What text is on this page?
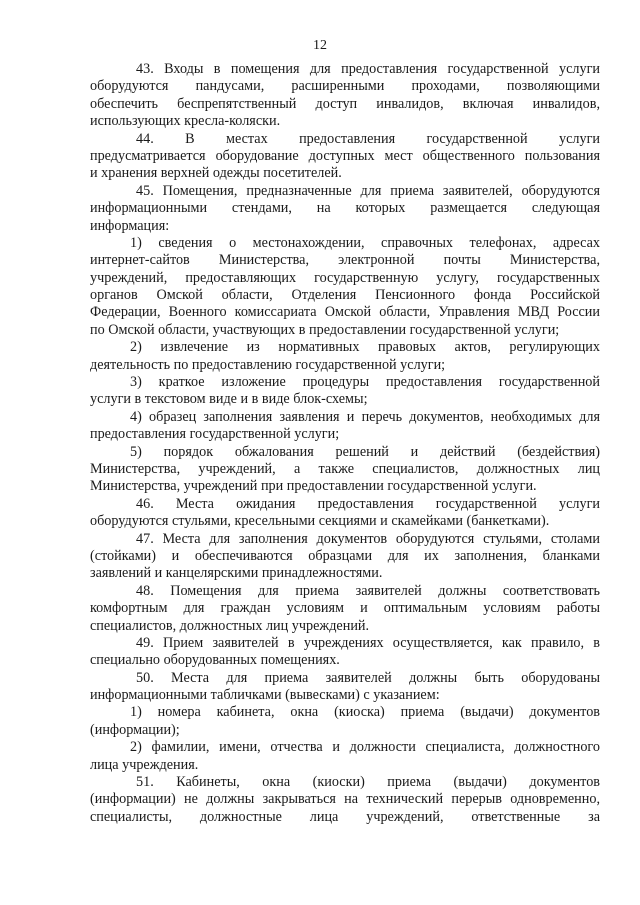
12
43. Входы в помещения для предоставления государственной услуги
оборудуются пандусами, расширенными проходами, позволяющими
обеспечить беспрепятственный доступ инвалидов, включая инвалидов,
использующих кресла-коляски.
44. В местах предоставления государственной услуги
предусматривается оборудование доступных мест общественного пользования
и хранения верхней одежды посетителей.
45. Помещения, предназначенные для приема заявителей, оборудуются
информационными стендами, на которых размещается следующая
информация:
1) сведения о местонахождении, справочных телефонах, адресах
интернет-сайтов Министерства, электронной почты Министерства,
учреждений, предоставляющих государственную услугу, государственных
органов Омской области, Отделения Пенсионного фонда Российской
Федерации, Военного комиссариата Омской области, Управления МВД России
по Омской области, участвующих в предоставлении государственной услуги;
2) извлечение из нормативных правовых актов, регулирующих
деятельность по предоставлению государственной услуги;
3) краткое изложение процедуры предоставления государственной
услуги в текстовом виде и в виде блок-схемы;
4) образец заполнения заявления и перечь документов, необходимых для
предоставления государственной услуги;
5) порядок обжалования решений и действий (бездействия)
Министерства, учреждений, а также специалистов, должностных лиц
Министерства, учреждений при предоставлении государственной услуги.
46. Места ожидания предоставления государственной услуги
оборудуются стульями, кресельными секциями и скамейками (банкетками).
47. Места для заполнения документов оборудуются стульями, столами
(стойками) и обеспечиваются образцами для их заполнения, бланками
заявлений и канцелярскими принадлежностями.
48. Помещения для приема заявителей должны соответствовать
комфортным для граждан условиям и оптимальным условиям работы
специалистов, должностных лиц учреждений.
49. Прием заявителей в учреждениях осуществляется, как правило, в
специально оборудованных помещениях.
50. Места для приема заявителей должны быть оборудованы
информационными табличками (вывесками) с указанием:
1) номера кабинета, окна (киоска) приема (выдачи) документов
(информации);
2) фамилии, имени, отчества и должности специалиста, должностного
лица учреждения.
51. Кабинеты, окна (киоски) приема (выдачи) документов
(информации) не должны закрываться на технический перерыв одновременно,
специалисты, должностные лица учреждений, ответственные за
